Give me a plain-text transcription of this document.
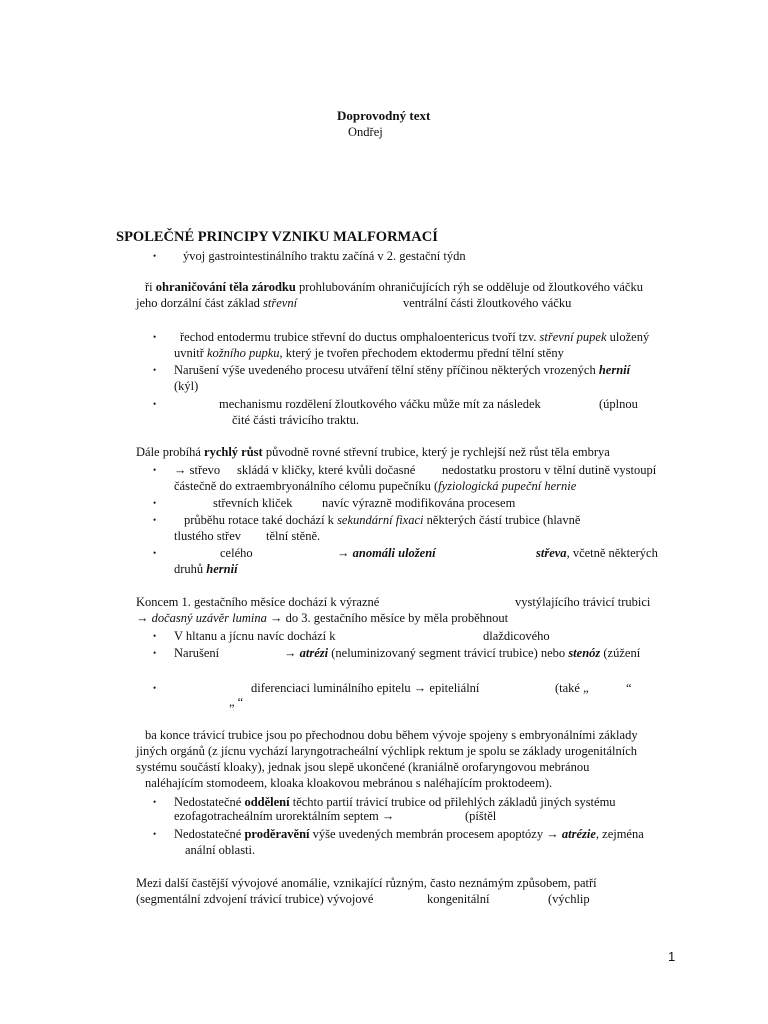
Doprovodný text
Ondřej
SPOLEČNÉ PRINCIPY VZNIKU MALFORMACÍ
• ývoj gastrointestinálního traktu začíná v 2. gestační týdn
ři ohraničování těla zárodku prohlubováním ohraničujících rýh se odděluje od žloutkového váčku
jeho dorzální část základ střevní	ventrální části žloutkového váčku
• řechod entodermu trubice střevní do ductus omphaloentericus tvoří tzv. střevní pupek uložený
uvnitř kožního pupku, který je tvořen přechodem ektodermu přední tělní stěny
• Narušení výše uvedeného procesu utváření tělní stěny příčinou některých vrozených hernií
(kýl)
•	mechanismu rozdělení žloutkového váčku může mít za následek	(úplnou
čité části trávicího traktu.
Dále probíhá rychlý růst původně rovné střevní trubice, který je rychlejší než růst těla embrya
• → střevo skládá v kličky, které kvůli dočasné nedostatku prostoru v tělní dutině vystoupí
částečně do extraembryonálního célomu pupečníku (fyziologická pupeční hernie
•	střevních kliček navíc výrazně modifikována procesem
• průběhu rotace také dochází k sekundární fixaci některých částí trubice (hlavně
tlustého střev tělní stěně.
•	celého	→ anomáli uložení	střeva, včetně některých
druhů hernií
Koncem 1. gestačního měsíce dochází k výrazné	vystýlajícího trávicí trubici
→ dočasný uzávěr lumina → do 3. gestačního měsíce by měla proběhnout
• V hltanu a jícnu navíc dochází k	dlaždicového
• Narušení	→ atrézi (neluminizovaný segment trávicí trubice) nebo stenóz (zúžení
•	diferenciaci luminálního epitelu → epiteliální	(také „	“
„ “
ba konce trávicí trubice jsou po přechodnou dobu během vývoje spojeny s embryonálními základy
jiných orgánů (z jícnu vychází laryngotracheální výchlipk rektum je spolu se základy urogenitálních
systému součástí kloaky), jednak jsou slepě ukončené (kraniálně orofaryngovou mebránou
naléhajícím stomodeem, kloaka kloakovou mebránou s naléhajícím proktodeem).
• Nedostatečné oddělení těchto partií trávicí trubice od přilehlých základů jiných systému
ezofagotracheálním urorektálním septem →	(píštěl
• Nedostatečné proděravění výše uvedených membrán procesem apoptózy → atrézie, zejména
anální oblasti.
Mezi další častější vývojové anomálie, vznikající různým, často neznámým způsobem, patří
(segmentální zdvojení trávicí trubice) vývojové	kongenitální	(výchlip
1
